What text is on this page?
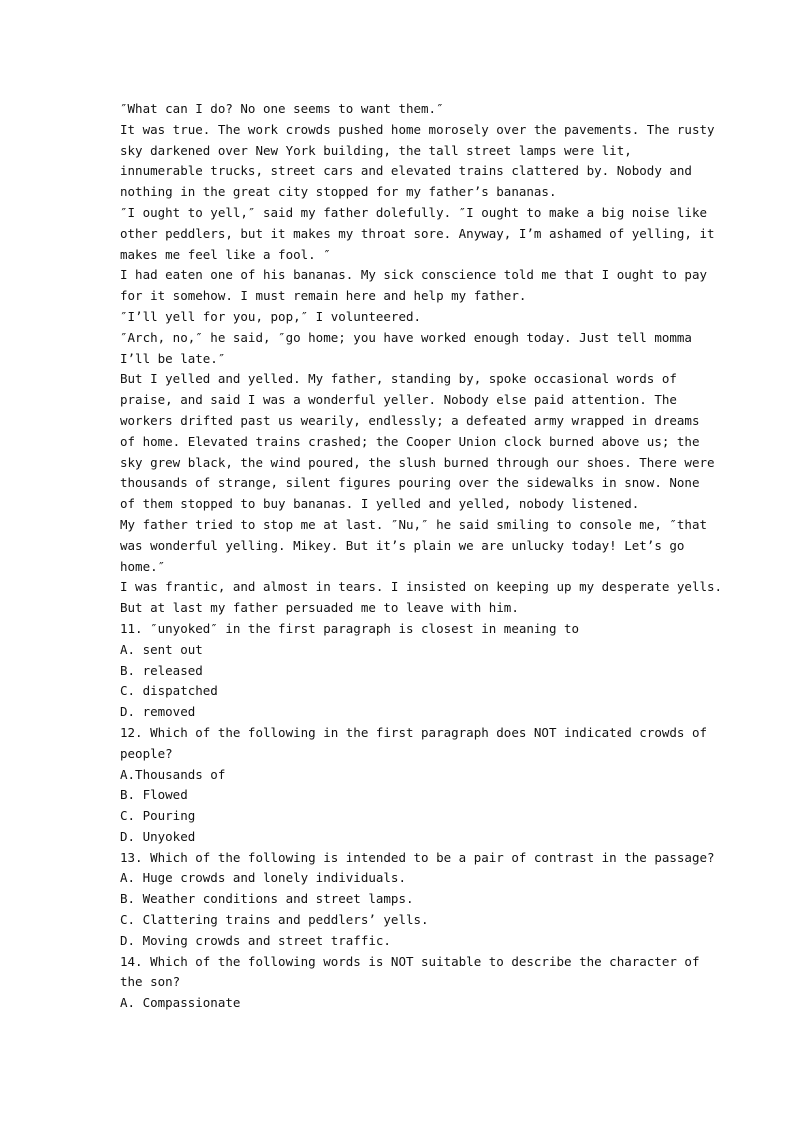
″What can I do? No one seems to want them.″
It was true. The work crowds pushed home morosely over the pavements. The rusty
sky darkened over New York building, the tall street lamps were lit,
innumerable trucks, street cars and elevated trains clattered by. Nobody and
nothing in the great city stopped for my father’s bananas.
″I ought to yell,″ said my father dolefully. ″I ought to make a big noise like
other peddlers, but it makes my throat sore. Anyway, I’m ashamed of yelling, it
makes me feel like a fool. ″
I had eaten one of his bananas. My sick conscience told me that I ought to pay
for it somehow. I must remain here and help my father.
″I’ll yell for you, pop,″ I volunteered.
″Arch, no,″ he said, ″go home; you have worked enough today. Just tell momma
I’ll be late.″
But I yelled and yelled. My father, standing by, spoke occasional words of
praise, and said I was a wonderful yeller. Nobody else paid attention. The
workers drifted past us wearily, endlessly; a defeated army wrapped in dreams
of home. Elevated trains crashed; the Cooper Union clock burned above us; the
sky grew black, the wind poured, the slush burned through our shoes. There were
thousands of strange, silent figures pouring over the sidewalks in snow. None
of them stopped to buy bananas. I yelled and yelled, nobody listened.
My father tried to stop me at last. ″Nu,″ he said smiling to console me, ″that
was wonderful yelling. Mikey. But it’s plain we are unlucky today! Let’s go
home.″
I was frantic, and almost in tears. I insisted on keeping up my desperate yells.
But at last my father persuaded me to leave with him.
11. ″unyoked″ in the first paragraph is closest in meaning to
A. sent out
B. released
C. dispatched
D. removed
12. Which of the following in the first paragraph does NOT indicated crowds of
people?
A.Thousands of
B. Flowed
C. Pouring
D. Unyoked
13. Which of the following is intended to be a pair of contrast in the passage?
A. Huge crowds and lonely individuals.
B. Weather conditions and street lamps.
C. Clattering trains and peddlers’ yells.
D. Moving crowds and street traffic.
14. Which of the following words is NOT suitable to describe the character of
the son?
A. Compassionate
